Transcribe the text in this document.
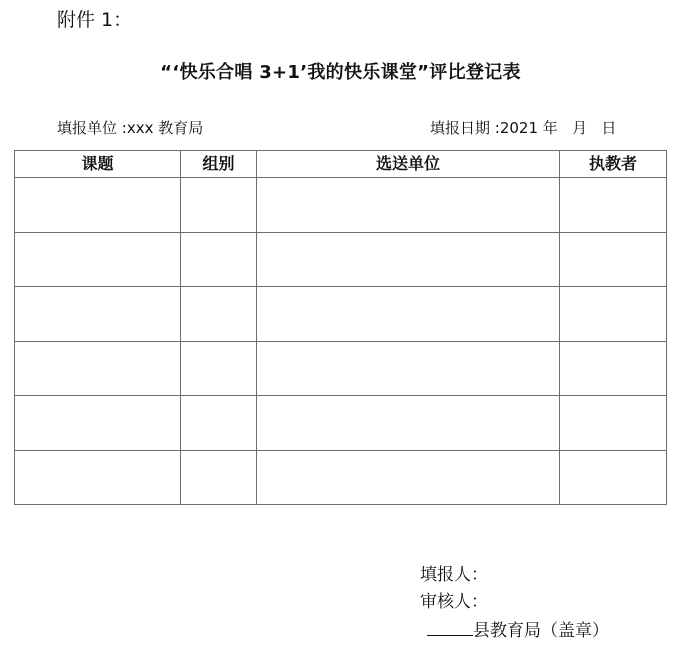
附件 1：
“‘快乐合唱 3+1’我的快乐课堂”评比登记表
填报单位 :xxx 教育局	填报日期 :2021 年   月   日
课题	组别	选送单位	执教者

填报人：
审核人：
县教育局（盖章）
